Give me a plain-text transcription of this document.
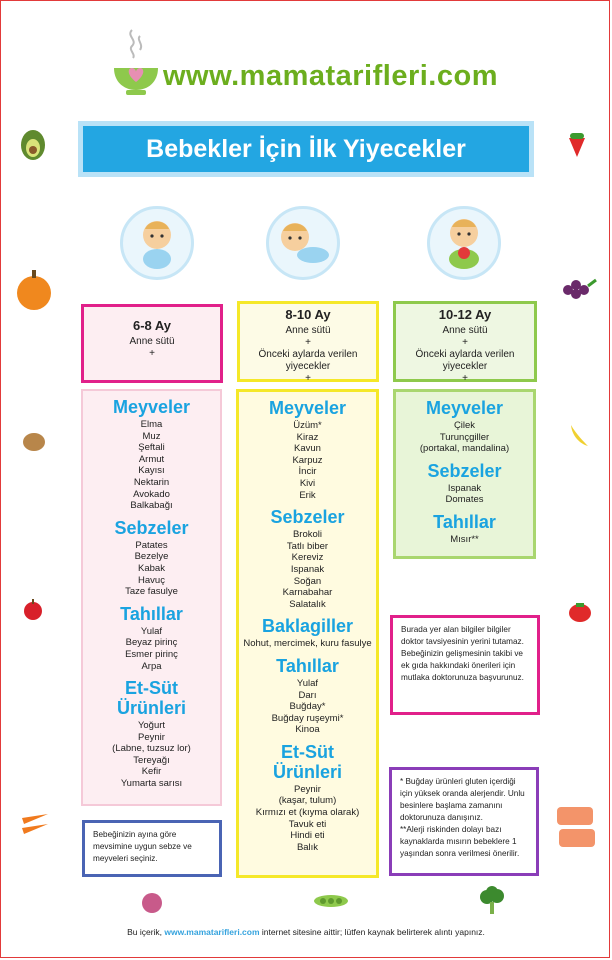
www.mamatarifleri.com
Bebekler İçin İlk Yiyecekler
6-8 Ay
Anne sütü
+
8-10 Ay
Anne sütü
+
Önceki aylarda verilen yiyecekler
+
10-12 Ay
Anne sütü
+
Önceki aylarda verilen yiyecekler
+
Meyveler
Elma
Muz
Şeftali
Armut
Kayısı
Nektarin
Avokado
Balkabağı
Sebzeler
Patates
Bezelye
Kabak
Havuç
Taze fasulye
Tahıllar
Yulaf
Beyaz pirinç
Esmer pirinç
Arpa
Et-Süt Ürünleri
Yoğurt
Peynir
(Labne, tuzsuz lor)
Tereyağı
Kefir
Yumarta sarısı
Meyveler
Üzüm*
Kiraz
Kavun
Karpuz
İncir
Kivi
Erik
Sebzeler
Brokoli
Tatlı biber
Kereviz
Ispanak
Soğan
Karnabahar
Salatalık
Baklagiller
Nohut, mercimek, kuru fasulye
Tahıllar
Yulaf
Darı
Buğday*
Buğday ruşeymi*
Kinoa
Et-Süt Ürünleri
Peynir
(kaşar, tulum)
Kırmızı et (kıyma olarak)
Tavuk eti
Hindi eti
Balık
Meyveler
Çilek
Turunçgiller
(portakal, mandalina)
Sebzeler
Ispanak
Domates
Tahıllar
Mısır**
Bebeğinizin ayına göre mevsimine uygun sebze ve meyveleri seçiniz.
Burada yer alan bilgiler bilgiler doktor tavsiyesinin yerini tutamaz. Bebeğinizin gelişmesinin takibi ve ek gıda hakkındaki önerileri için mutlaka doktorunuza başvurunuz.
* Buğday ürünleri gluten içerdiği için yüksek oranda alerjendir. Unlu besinlere başlama zamanını doktorunuza danışınız.
**Alerji riskinden dolayı bazı kaynaklarda mısırın bebeklere 1 yaşından sonra verilmesi önerilir.
Bu içerik, www.mamatarifleri.com internet sitesine aittir; lütfen kaynak belirterek alıntı yapınız.
